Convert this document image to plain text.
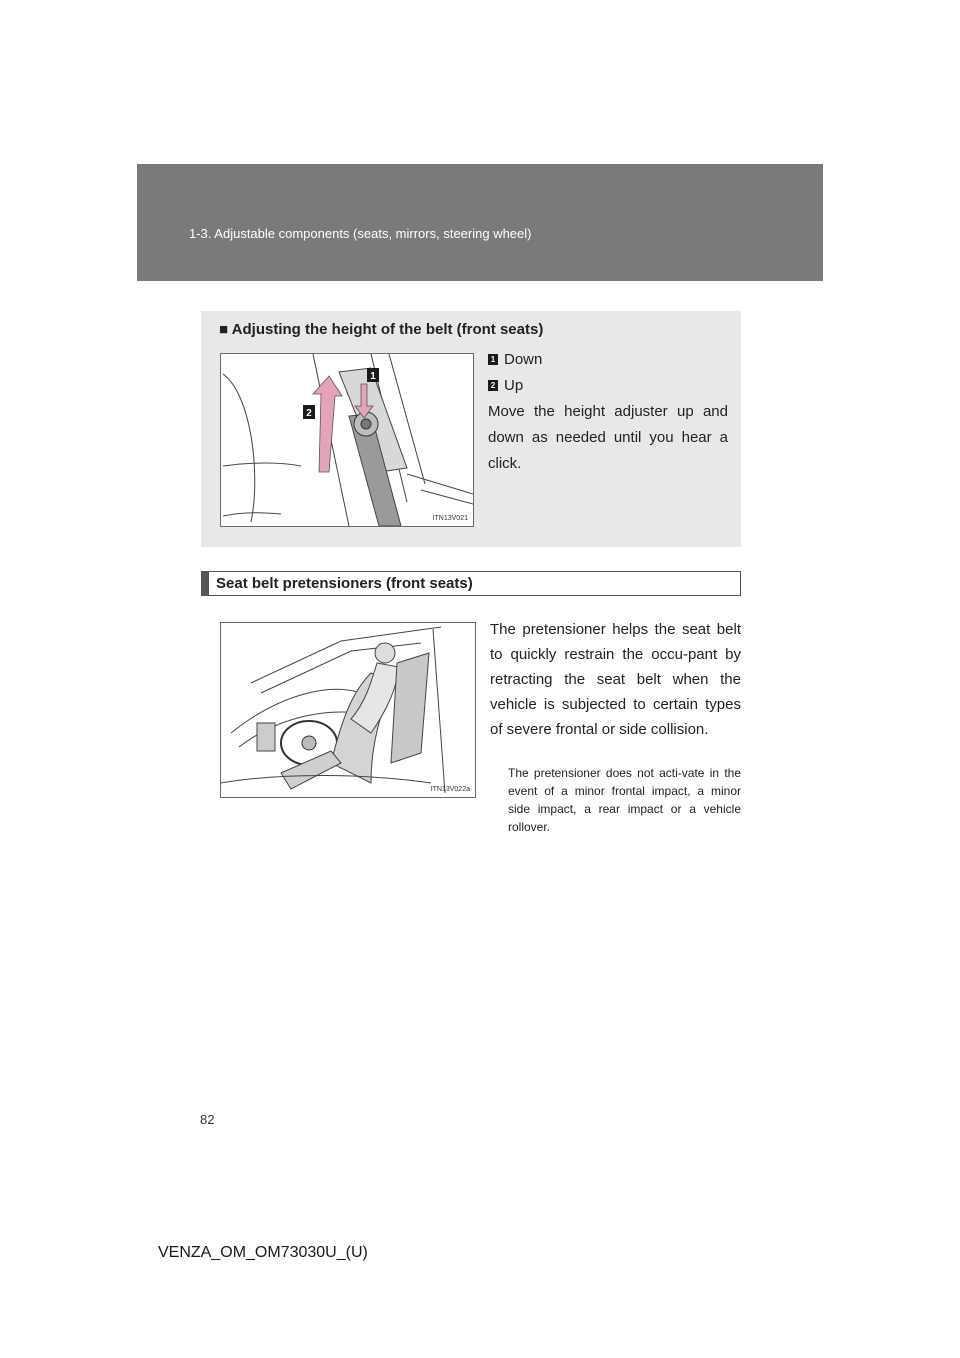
1-3. Adjustable components (seats, mirrors, steering wheel)
■ Adjusting the height of the belt (front seats)
1
2
ITN13V021
1 Down
2 Up
Move the height adjuster up and down as needed until you hear a click.
Seat belt pretensioners (front seats)
ITN13V022a
The pretensioner helps the seat belt to quickly restrain the occu-pant by retracting the seat belt when the vehicle is subjected to certain types of severe frontal or side collision.
The pretensioner does not acti-vate in the event of a minor frontal impact, a minor side impact, a rear impact or a vehicle rollover.
82
VENZA_OM_OM73030U_(U)
